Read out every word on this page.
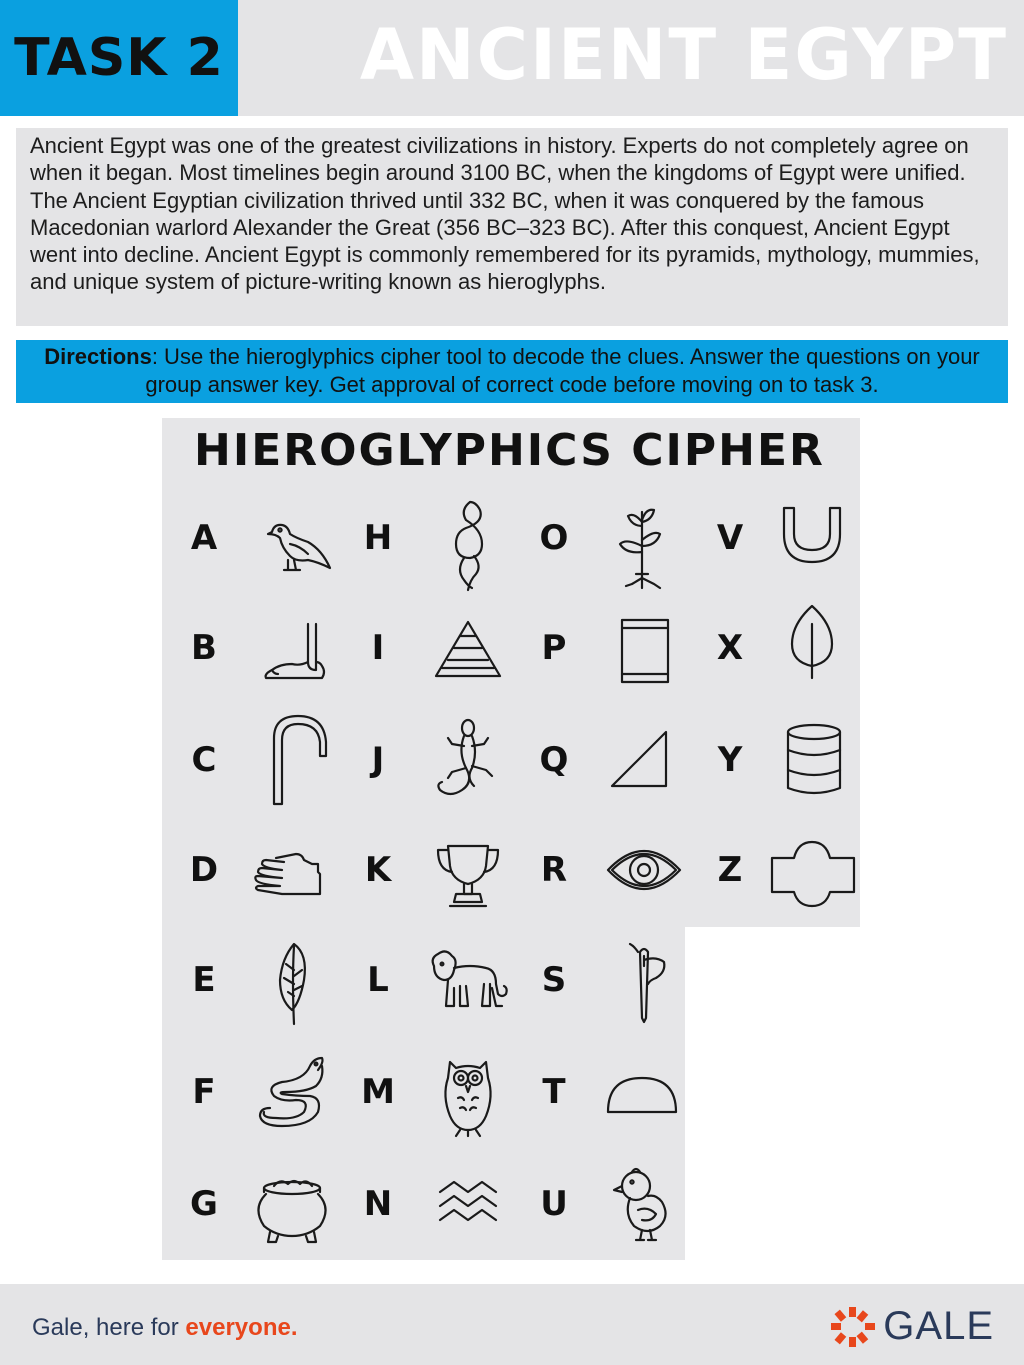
TASK 2 ANCIENT EGYPT
Ancient Egypt was one of the greatest civilizations in history. Experts do not completely agree on when it began. Most timelines begin around 3100 BC, when the kingdoms of Egypt were unified. The Ancient Egyptian civilization thrived until 332 BC, when it was conquered by the famous Macedonian warlord Alexander the Great (356 BC–323 BC). After this conquest, Ancient Egypt went into decline. Ancient Egypt is commonly remembered for its pyramids, mythology, mummies, and unique system of picture-writing known as hieroglyphs.
Directions: Use the hieroglyphics cipher tool to decode the clues. Answer the questions on your group answer key. Get approval of correct code before moving on to task 3.
HIEROGLYPHICS CIPHER
A
B
C
D
E
F
G
H
I
J
K
L
M
N
O
P
Q
R
S
T
U
V
X
Y
Z
Gale, here for everyone.	GALE
